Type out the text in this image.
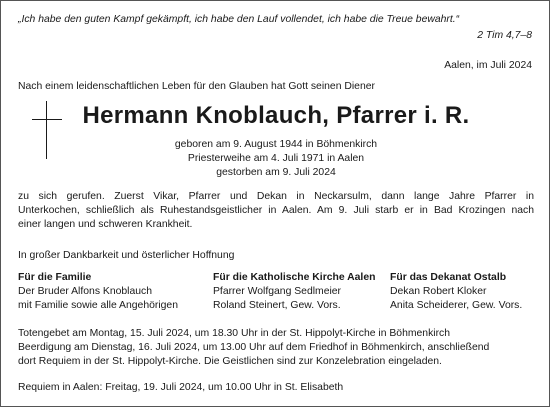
„Ich habe den guten Kampf gekämpft, ich habe den Lauf vollendet, ich habe die Treue bewahrt.“
2 Tim 4,7–8
Aalen, im Juli 2024
Nach einem leidenschaftlichen Leben für den Glauben hat Gott seinen Diener
Hermann Knoblauch, Pfarrer i. R.
geboren am 9. August 1944 in Böhmenkirch
Priesterweihe am 4. Juli 1971 in Aalen
gestorben am 9. Juli 2024
zu sich gerufen. Zuerst Vikar, Pfarrer und Dekan in Neckarsulm, dann lange Jahre Pfarrer in
Unterkochen, schließlich als Ruhestandsgeistlicher in Aalen. Am 9. Juli starb er in Bad Krozingen nach
einer langen und schweren Krankheit.
In großer Dankbarkeit und österlicher Hoffnung
Für die Familie
Der Bruder Alfons Knoblauch
mit Familie sowie alle Angehörigen
Für die Katholische Kirche Aalen
Pfarrer Wolfgang Sedlmeier
Roland Steinert, Gew. Vors.
Für das Dekanat Ostalb
Dekan Robert Kloker
Anita Scheiderer, Gew. Vors.
Totengebet am Montag, 15. Juli 2024, um 18.30 Uhr in der St. Hippolyt-Kirche in Böhmenkirch
Beerdigung am Dienstag, 16. Juli 2024, um 13.00 Uhr auf dem Friedhof in Böhmenkirch, anschließend
dort Requiem in der St. Hippolyt-Kirche. Die Geistlichen sind zur Konzelebration eingeladen.
Requiem in Aalen: Freitag, 19. Juli 2024, um 10.00 Uhr in St. Elisabeth
